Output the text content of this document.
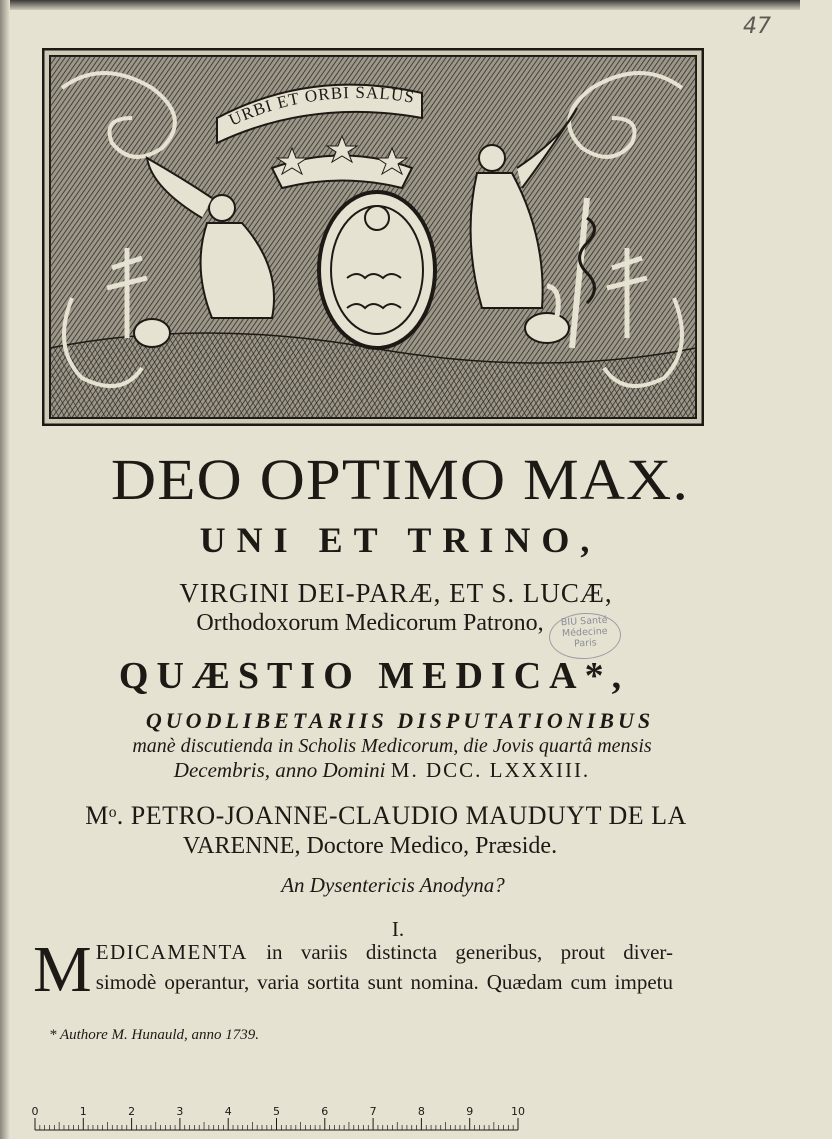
47
URBI ET ORBI SALUS
DEO OPTIMO MAX.
UNI ET TRINO,
VIRGINI DEI-PARÆ, ET S. LUCÆ,
Orthodoxorum Medicorum Patrono,	BIU Santé
Médecine
Paris
QUÆSTIO MEDICA*,
QUODLIBETARIIS DISPUTATIONIBUS
manè discutienda in Scholis Medicorum, die Jovis quartâ mensis
Decembris, anno Domini M. DCC. LXXXIII.
Mᵒ. PETRO-JOANNE-CLAUDIO MAUDUYT DE LA
VARENNE, Doctore Medico, Præside.
An Dysentericis Anodyna?
I.
M EDICAMENTA in variis distincta generibus, prout diver-
simodè operantur, varia sortita sunt nomina. Quædam cum impetu
* Authore M. Hunauld, anno 1739.
0	1	2	3	4	5	6	7	8	9	10
